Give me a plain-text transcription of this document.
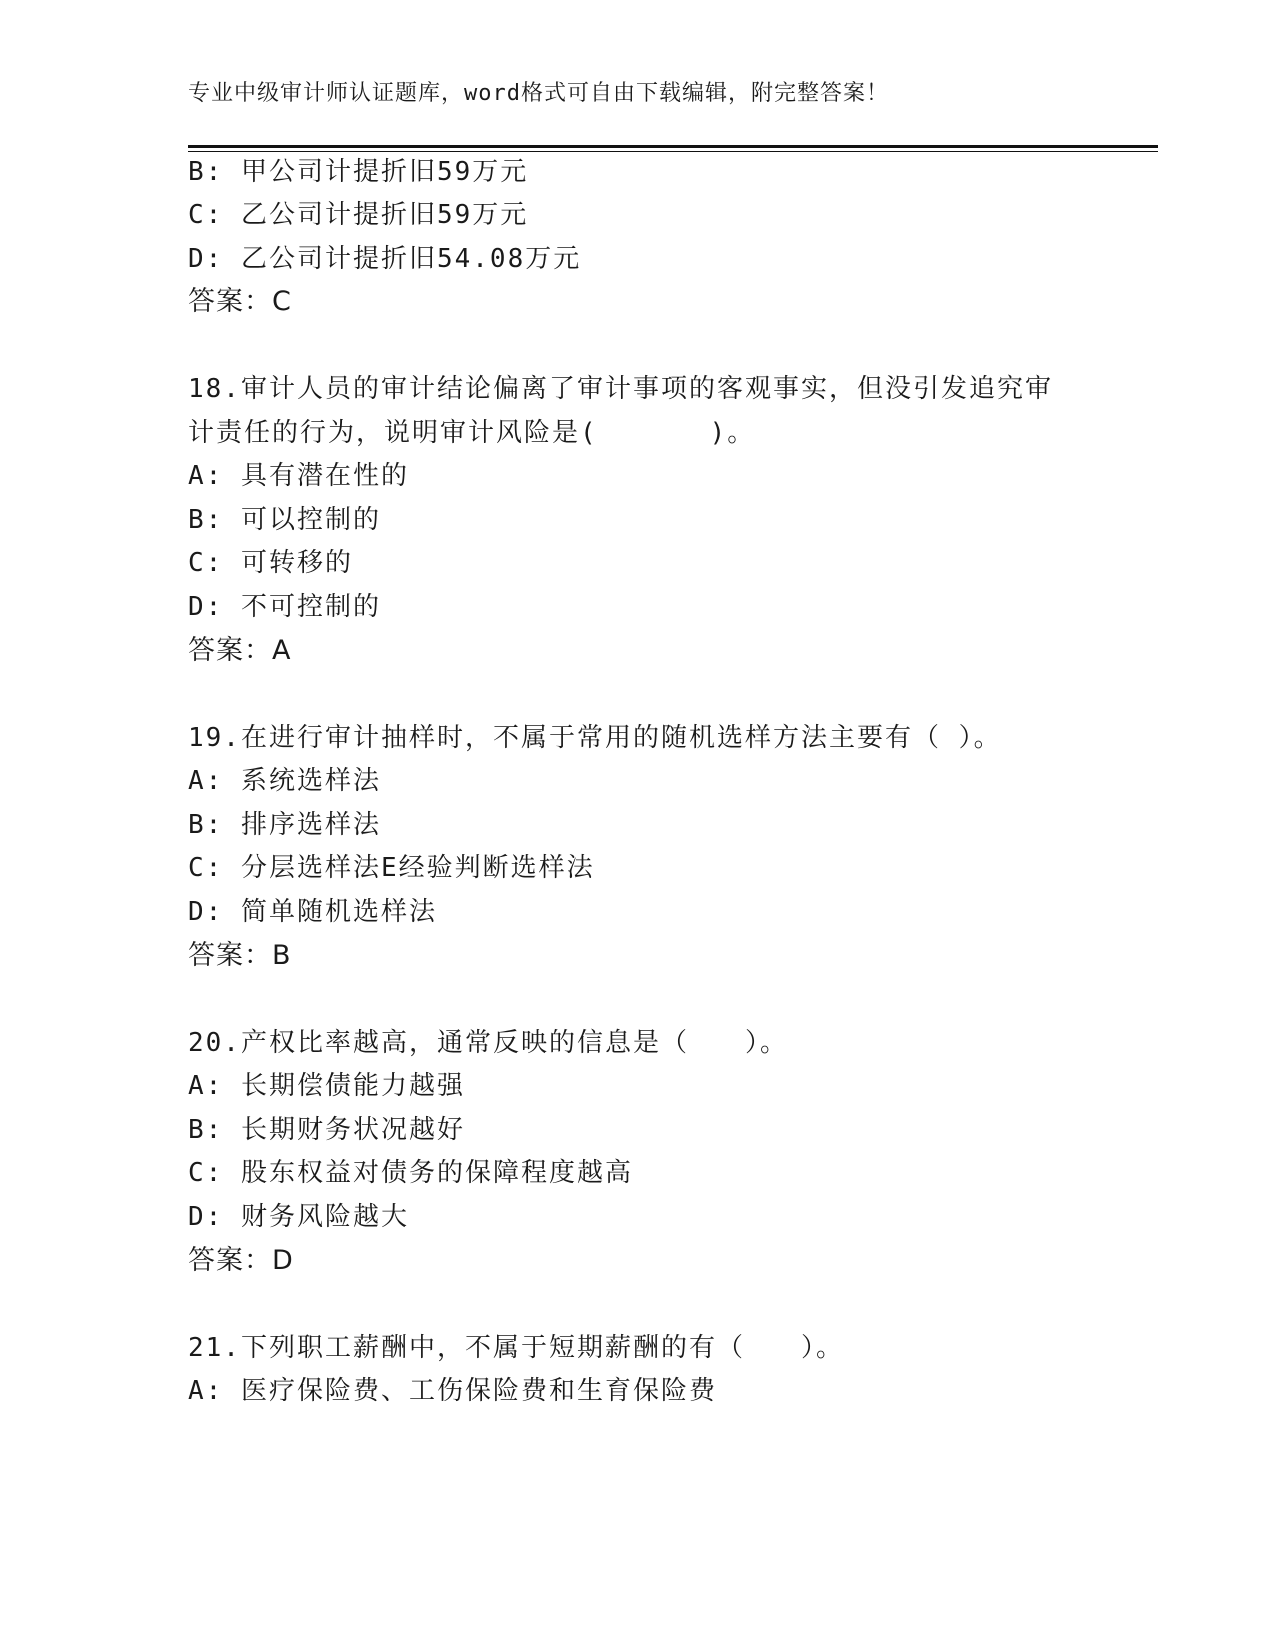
专业中级审计师认证题库，word格式可自由下载编辑，附完整答案！
B: 甲公司计提折旧59万元
C: 乙公司计提折旧59万元
D: 乙公司计提折旧54.08万元
答案：C
18.审计人员的审计结论偏离了审计事项的客观事实，但没引发追究审
计责任的行为，说明审计风险是(　　　　)。
A: 具有潜在性的
B: 可以控制的
C: 可转移的
D: 不可控制的
答案：A
19.在进行审计抽样时，不属于常用的随机选样方法主要有（ ）。
A: 系统选样法
B: 排序选样法
C: 分层选样法E经验判断选样法
D: 简单随机选样法
答案：B
20.产权比率越高，通常反映的信息是（　　）。
A: 长期偿债能力越强
B: 长期财务状况越好
C: 股东权益对债务的保障程度越高
D: 财务风险越大
答案：D
21.下列职工薪酬中，不属于短期薪酬的有（　　）。
A: 医疗保险费、工伤保险费和生育保险费
